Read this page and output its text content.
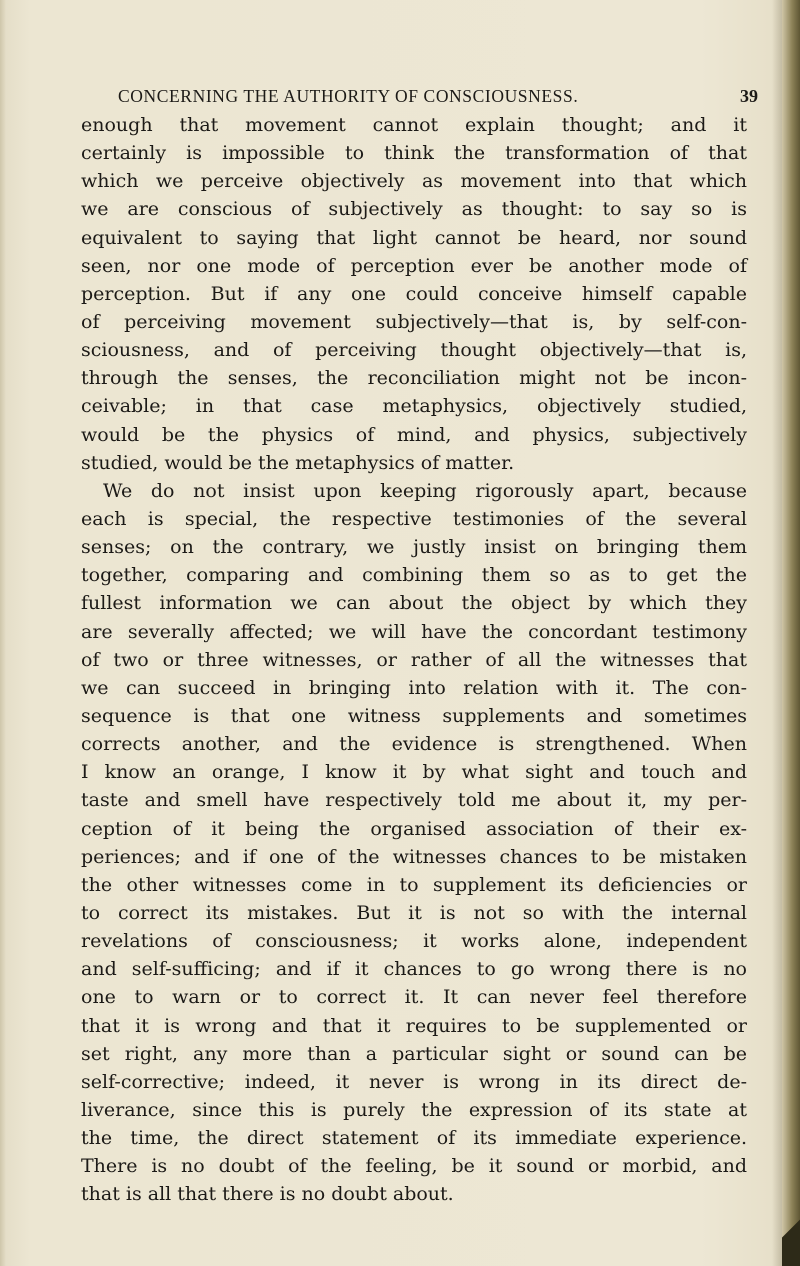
CONCERNING THE AUTHORITY OF CONSCIOUSNESS.	39
enough that movement cannot explain thought; and it
certainly is impossible to think the transformation of that
which we perceive objectively as movement into that which
we are conscious of subjectively as thought: to say so is
equivalent to saying that light cannot be heard, nor sound
seen, nor one mode of perception ever be another mode of
perception. But if any one could conceive himself capable
of perceiving movement subjectively—that is, by self-con-
sciousness, and of perceiving thought objectively—that is,
through the senses, the reconciliation might not be incon-
ceivable; in that case metaphysics, objectively studied,
would be the physics of mind, and physics, subjectively
studied, would be the metaphysics of matter.
We do not insist upon keeping rigorously apart, because
each is special, the respective testimonies of the several
senses; on the contrary, we justly insist on bringing them
together, comparing and combining them so as to get the
fullest information we can about the object by which they
are severally affected; we will have the concordant testimony
of two or three witnesses, or rather of all the witnesses that
we can succeed in bringing into relation with it. The con-
sequence is that one witness supplements and sometimes
corrects another, and the evidence is strengthened. When
I know an orange, I know it by what sight and touch and
taste and smell have respectively told me about it, my per-
ception of it being the organised association of their ex-
periences; and if one of the witnesses chances to be mistaken
the other witnesses come in to supplement its deficiencies or
to correct its mistakes. But it is not so with the internal
revelations of consciousness; it works alone, independent
and self-sufficing; and if it chances to go wrong there is no
one to warn or to correct it. It can never feel therefore
that it is wrong and that it requires to be supplemented or
set right, any more than a particular sight or sound can be
self-corrective; indeed, it never is wrong in its direct de-
liverance, since this is purely the expression of its state at
the time, the direct statement of its immediate experience.
There is no doubt of the feeling, be it sound or morbid, and
that is all that there is no doubt about.
